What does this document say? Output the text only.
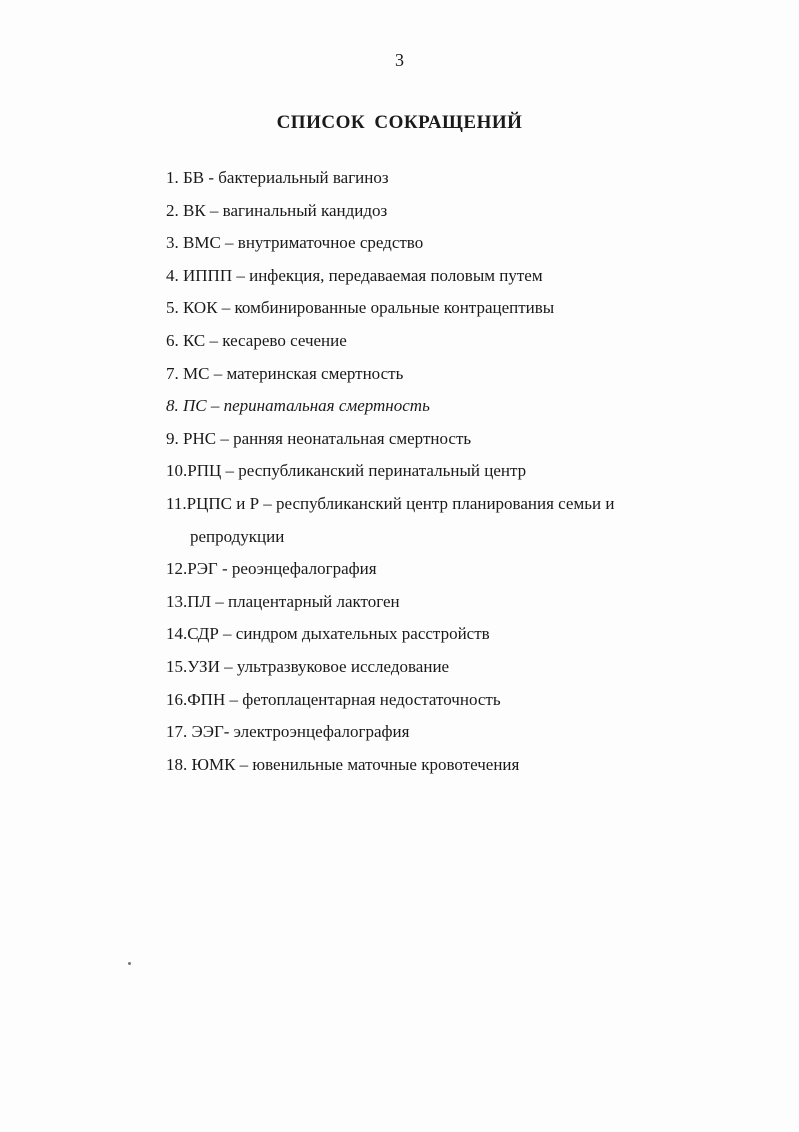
3
СПИСОК СОКРАЩЕНИЙ
1. БВ - бактериальный вагиноз
2. ВК – вагинальный кандидоз
3. ВМС – внутриматочное средство
4. ИППП – инфекция, передаваемая половым путем
5. КОК – комбинированные оральные контрацептивы
6. КС – кесарево сечение
7. МС – материнская смертность
8. ПС – перинатальная смертность
9. РНС – ранняя неонатальная смертность
10.РПЦ – республиканский перинатальный центр
11.РЦПС и Р – республиканский центр планирования семьи и
репродукции
12.РЭГ - реоэнцефалография
13.ПЛ – плацентарный лактоген
14.СДР – синдром дыхательных расстройств
15.УЗИ – ультразвуковое исследование
16.ФПН – фетоплацентарная недостаточность
17. ЭЭГ- электроэнцефалография
18. ЮМК – ювенильные маточные кровотечения
